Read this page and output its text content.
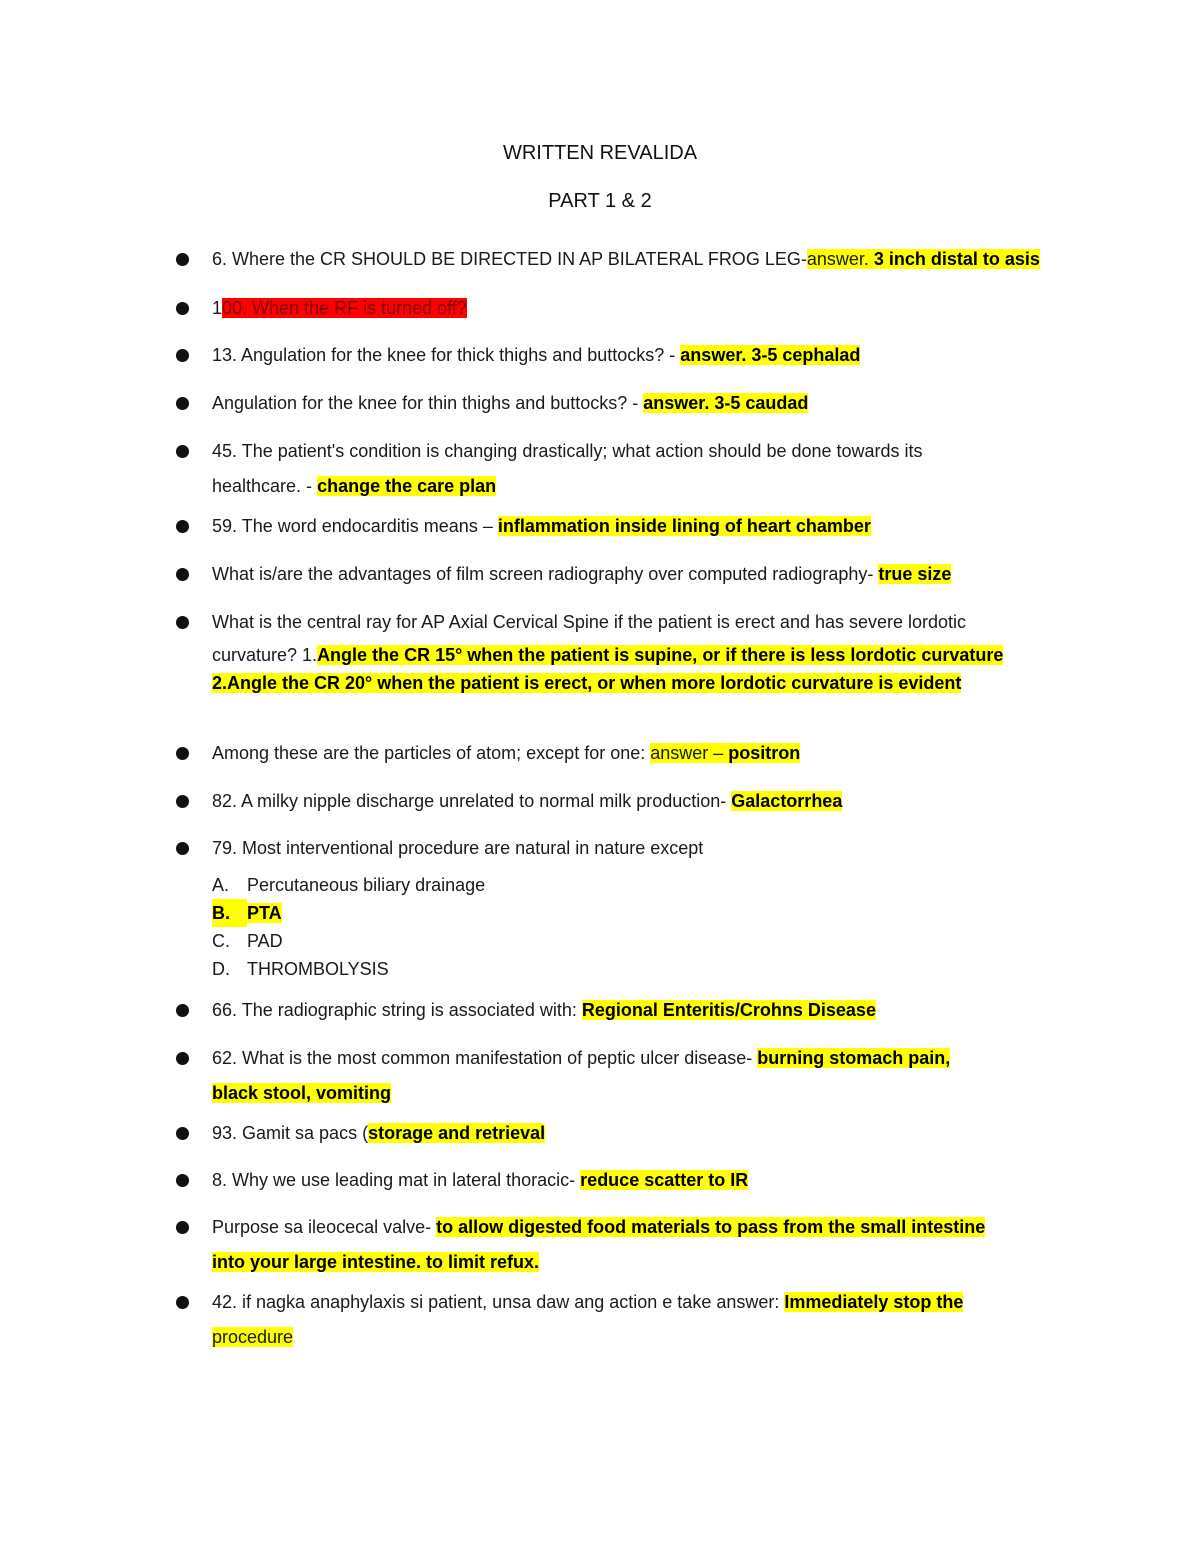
WRITTEN REVALIDA
PART 1 & 2
6. Where the CR SHOULD BE DIRECTED IN AP BILATERAL FROG LEG-answer. 3 inch distal to asis
100. When the RF is turned off?
13. Angulation for the knee for thick thighs and buttocks? - answer. 3-5 cephalad
Angulation for the knee for thin thighs and buttocks? - answer. 3-5 caudad
45. The patient's condition is changing drastically; what action should be done towards its
healthcare. - change the care plan
59. The word endocarditis means – inflammation inside lining of heart chamber
What is/are the advantages of film screen radiography over computed radiography- true size
What is the central ray for AP Axial Cervical Spine if the patient is erect and has severe lordotic
curvature? 1.Angle the CR 15° when the patient is supine, or if there is less lordotic curvature
2.Angle the CR 20° when the patient is erect, or when more lordotic curvature is evident
Among these are the particles of atom; except for one: answer – positron
82. A milky nipple discharge unrelated to normal milk production- Galactorrhea
79. Most interventional procedure are natural in nature except
A. Percutaneous biliary drainage
B. PTA
C. PAD
D. THROMBOLYSIS
66. The radiographic string is associated with: Regional Enteritis/Crohns Disease
62. What is the most common manifestation of peptic ulcer disease- burning stomach pain,
black stool, vomiting
93. Gamit sa pacs (storage and retrieval
8. Why we use leading mat in lateral thoracic- reduce scatter to IR
Purpose sa ileocecal valve- to allow digested food materials to pass from the small intestine
into your large intestine. to limit refux.
42. if nagka anaphylaxis si patient, unsa daw ang action e take answer: Immediately stop the
procedure
